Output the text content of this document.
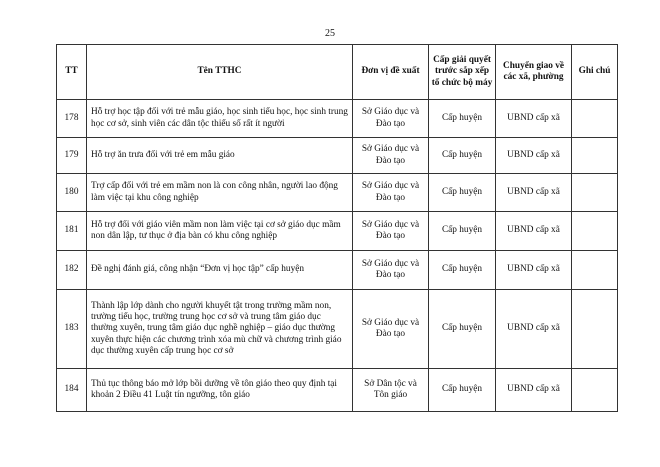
25
TT	Tên TTHC	Đơn vị đề xuất	Cấp giải quyết trước sắp xếp tổ chức bộ máy	Chuyển giao về các xã, phường	Ghi chú
178	Hỗ trợ học tập đối với trẻ mẫu giáo, học sinh tiểu học, học sinh trung học cơ sở, sinh viên các dân tộc thiểu số rất ít người	Sở Giáo dục và Đào tạo	Cấp huyện	UBND cấp xã	
179	Hỗ trợ ăn trưa đối với trẻ em mẫu giáo	Sở Giáo dục và Đào tạo	Cấp huyện	UBND cấp xã	
180	Trợ cấp đối với trẻ em mầm non là con công nhân, người lao động làm việc tại khu công nghiệp	Sở Giáo dục và Đào tạo	Cấp huyện	UBND cấp xã	
181	Hỗ trợ đối với giáo viên mầm non làm việc tại cơ sở giáo dục mầm non dân lập, tư thục ở địa bàn có khu công nghiệp	Sở Giáo dục và Đào tạo	Cấp huyện	UBND cấp xã	
182	Đề nghị đánh giá, công nhận “Đơn vị học tập” cấp huyện	Sở Giáo dục và Đào tạo	Cấp huyện	UBND cấp xã	
183	Thành lập lớp dành cho người khuyết tật trong trường mầm non, trường tiểu học, trường trung học cơ sở và trung tâm giáo dục thường xuyên, trung tâm giáo dục nghề nghiệp – giáo dục thường xuyên thực hiện các chương trình xóa mù chữ và chương trình giáo dục thường xuyên cấp trung học cơ sở	Sở Giáo dục và Đào tạo	Cấp huyện	UBND cấp xã	
184	Thủ tục thông báo mở lớp bồi dưỡng về tôn giáo theo quy định tại khoản 2 Điều 41 Luật tín ngưỡng, tôn giáo	Sở Dân tộc và Tôn giáo	Cấp huyện	UBND cấp xã	
